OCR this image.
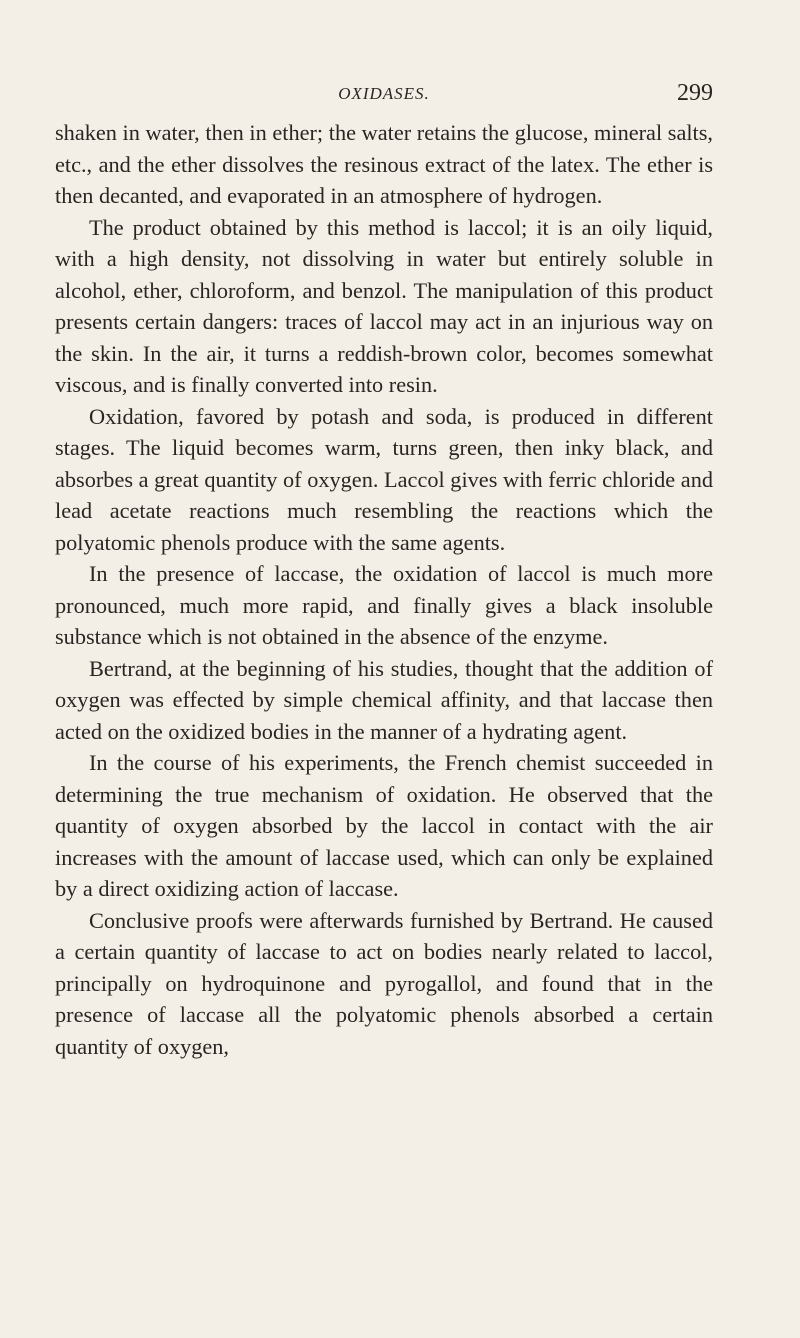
OXIDASES.	299

shaken in water, then in ether; the water retains the glucose, mineral salts, etc., and the ether dissolves the resinous extract of the latex. The ether is then decanted, and evaporated in an atmosphere of hydrogen.

The product obtained by this method is laccol; it is an oily liquid, with a high density, not dissolving in water but entirely soluble in alcohol, ether, chloroform, and benzol. The manipulation of this product presents certain dangers: traces of laccol may act in an injurious way on the skin. In the air, it turns a reddish-brown color, becomes somewhat viscous, and is finally converted into resin.

Oxidation, favored by potash and soda, is produced in different stages. The liquid becomes warm, turns green, then inky black, and absorbes a great quantity of oxygen. Laccol gives with ferric chloride and lead acetate reactions much resembling the reactions which the polyatomic phenols produce with the same agents.

In the presence of laccase, the oxidation of laccol is much more pronounced, much more rapid, and finally gives a black insoluble substance which is not obtained in the absence of the enzyme.

Bertrand, at the beginning of his studies, thought that the addition of oxygen was effected by simple chemical affinity, and that laccase then acted on the oxidized bodies in the manner of a hydrating agent.

In the course of his experiments, the French chemist succeeded in determining the true mechanism of oxidation. He observed that the quantity of oxygen absorbed by the laccol in contact with the air increases with the amount of laccase used, which can only be explained by a direct oxidizing action of laccase.

Conclusive proofs were afterwards furnished by Bertrand. He caused a certain quantity of laccase to act on bodies nearly related to laccol, principally on hydroquinone and pyrogallol, and found that in the presence of laccase all the polyatomic phenols absorbed a certain quantity of oxygen,
